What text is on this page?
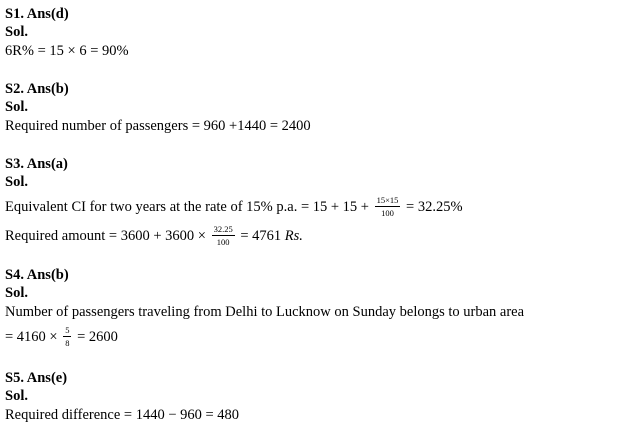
S1. Ans(d)
Sol.
6R% = 15 × 6 = 90%
S2. Ans(b)
Sol.
Required number of passengers = 960 +1440 = 2400
S3. Ans(a)
Sol.
Equivalent CI for two years at the rate of 15% p.a. = $15 + 15 + \frac{15\times 15}{100} = 32.25\%$
Required amount = $3600 + 3600 \times \frac{32.25}{100} = 4761$ Rs.
S4. Ans(b)
Sol.
Number of passengers traveling from Delhi to Lucknow on Sunday belongs to urban area
= $4160 \times \frac{5}{8} = 2600$
S5. Ans(e)
Sol.
Required difference = 1440 − 960 = 480
